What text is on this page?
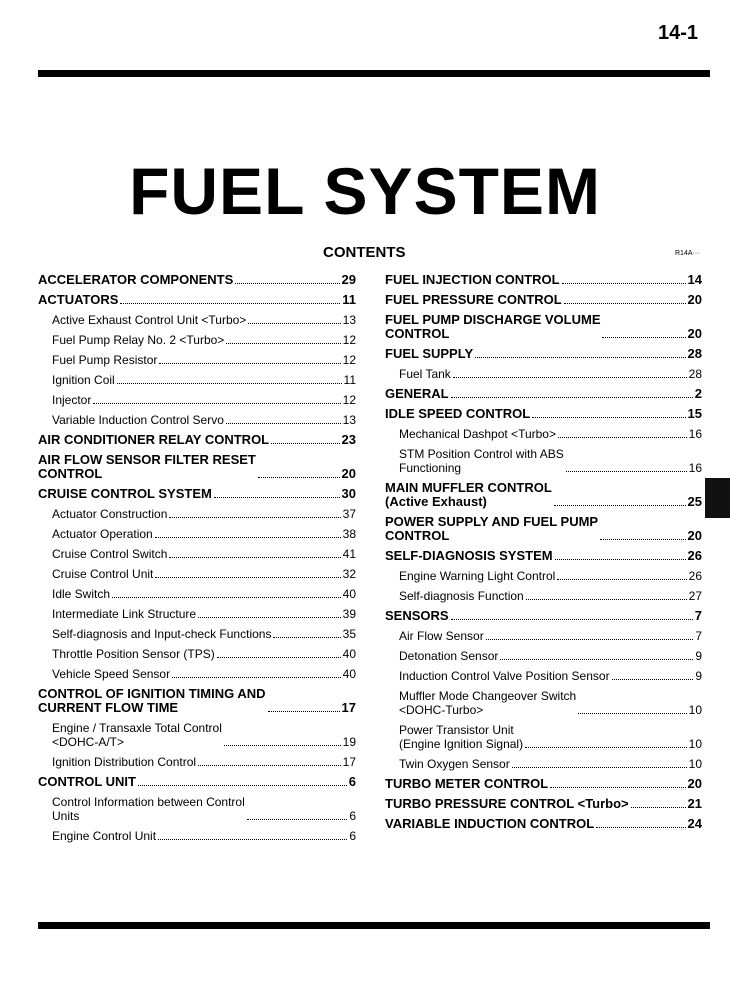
14-1
FUEL SYSTEM
CONTENTS	R14A···
ACCELERATOR COMPONENTS	29
ACTUATORS	11
Active Exhaust Control Unit <Turbo>	13
Fuel Pump Relay No. 2 <Turbo>	12
Fuel Pump Resistor	12
Ignition Coil	11
Injector	12
Variable Induction Control Servo	13
AIR CONDITIONER RELAY CONTROL	23
AIR FLOW SENSOR FILTER RESET
CONTROL	20
CRUISE CONTROL SYSTEM	30
Actuator Construction	37
Actuator Operation	38
Cruise Control Switch	41
Cruise Control Unit	32
Idle Switch	40
Intermediate Link Structure	39
Self-diagnosis and Input-check Functions	35
Throttle Position Sensor (TPS)	40
Vehicle Speed Sensor	40
CONTROL OF IGNITION TIMING AND
CURRENT FLOW TIME	17
Engine / Transaxle Total Control
<DOHC-A/T>	19
Ignition Distribution Control	17
CONTROL UNIT	6
Control Information between Control
Units	6
Engine Control Unit	6
FUEL INJECTION CONTROL	14
FUEL PRESSURE CONTROL	20
FUEL PUMP DISCHARGE VOLUME
CONTROL	20
FUEL SUPPLY	28
Fuel Tank	28
GENERAL	2
IDLE SPEED CONTROL	15
Mechanical Dashpot <Turbo>	16
STM Position Control with ABS
Functioning	16
MAIN MUFFLER CONTROL
(Active Exhaust)	25
POWER SUPPLY AND FUEL PUMP
CONTROL	20
SELF-DIAGNOSIS SYSTEM	26
Engine Warning Light Control	26
Self-diagnosis Function	27
SENSORS	7
Air Flow Sensor	7
Detonation Sensor	9
Induction Control Valve Position Sensor	9
Muffler Mode Changeover Switch
<DOHC-Turbo>	10
Power Transistor Unit
(Engine Ignition Signal)	10
Twin Oxygen Sensor	10
TURBO METER CONTROL	20
TURBO PRESSURE CONTROL <Turbo>	21
VARIABLE INDUCTION CONTROL	24
